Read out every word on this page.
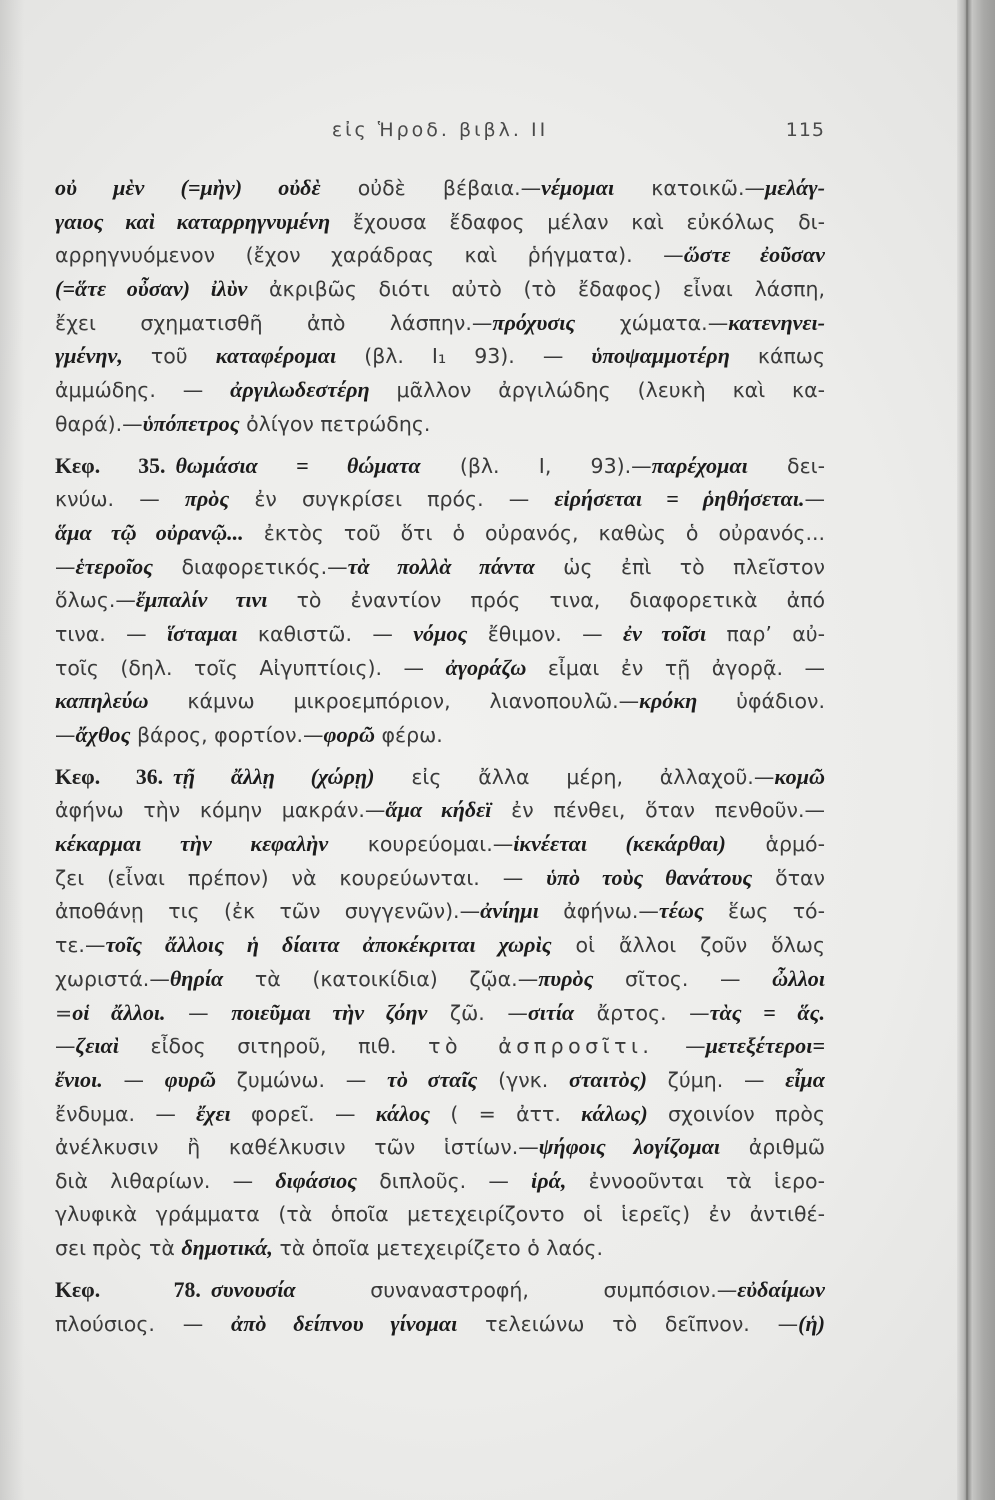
εἰς Ἡροδ. βιβλ. II	115
οὐ μὲν (=μὴν) οὐδὲ οὐδὲ βέβαια.—νέμομαι κατοικῶ.—μελάγ-
γαιος καὶ καταρρηγνυμένη ἔχουσα ἔδαφος μέλαν καὶ εὐκόλως δι-
αρρηγνυόμενον (ἔχον χαράδρας καὶ ῥήγματα). —ὥστε ἐοῦσαν
(=ἅτε οὖσαν) ἰλὺν ἀκριβῶς διότι αὐτὸ (τὸ ἔδαφος) εἶναι λάσπη,
ἔχει σχηματισθῆ ἀπὸ λάσπην.—πρόχυσις χώματα.—κατενηνει-
γμένην, τοῦ καταφέρομαι (βλ. I₁ 93). — ὑποψαμμοτέρη κάπως
ἀμμώδης. — ἀργιλωδεστέρη μᾶλλον ἀργιλώδης (λευκὴ καὶ κα-
θαρά).—ὑπόπετρος ὀλίγον πετρώδης.
Κεφ. 35. θωμάσια = θώματα (βλ. I, 93).—παρέχομαι δει-
κνύω. — πρὸς ἐν συγκρίσει πρός. — εἰρήσεται = ῥηθήσεται.—
ἅμα τῷ οὐρανῷ... ἐκτὸς τοῦ ὅτι ὁ οὐρανός, καθὼς ὁ οὐρανός...
—ἑτεροῖος διαφορετικός.—τὰ πολλὰ πάντα ὡς ἐπὶ τὸ πλεῖστον
ὅλως.—ἔμπαλίν τινι τὸ ἐναντίον πρός τινα, διαφορετικὰ ἀπό
τινα. — ἵσταμαι καθιστῶ. — νόμος ἔθιμον. — ἐν τοῖσι παρ’ αὐ-
τοῖς (δηλ. τοῖς Αἰγυπτίοις). — ἀγοράζω εἶμαι ἐν τῇ ἀγορᾷ. —
καπηλεύω κάμνω μικροεμπόριον, λιανοπουλῶ.—κρόκη ὑφάδιον.
—ἄχθος βάρος, φορτίον.—φορῶ φέρω.
Κεφ. 36. τῇ ἄλλῃ (χώρῃ) εἰς ἄλλα μέρη, ἀλλαχοῦ.—κομῶ
ἀφήνω τὴν κόμην μακράν.—ἅμα κήδεϊ ἐν πένθει, ὅταν πενθοῦν.—
κέκαρμαι τὴν κεφαλὴν κουρεύομαι.—ἱκνέεται (κεκάρθαι) ἁρμό-
ζει (εἶναι πρέπον) νὰ κουρεύωνται. — ὑπὸ τοὺς θανάτους ὅταν
ἀποθάνῃ τις (ἐκ τῶν συγγενῶν).—ἀνίημι ἀφήνω.—τέως ἕως τό-
τε.—τοῖς ἄλλοις ἡ δίαιτα ἀποκέκριται χωρὶς οἱ ἄλλοι ζοῦν ὅλως
χωριστά.—θηρία τὰ (κατοικίδια) ζῷα.—πυρὸς σῖτος. — ὦλλοι
=οἱ ἄλλοι. — ποιεῦμαι τὴν ζόην ζῶ. —σιτία ἄρτος. —τὰς = ἅς.
—ζειαὶ εἶδος σιτηροῦ, πιθ. τὸ ἀσπροσῖτι. —μετεξέτεροι=
ἔνιοι. — φυρῶ ζυμώνω. — τὸ σταῖς (γνκ. σταιτὸς) ζύμη. — εἶμα
ἔνδυμα. — ἔχει φορεῖ. — κάλος ( = ἀττ. κάλως) σχοινίον πρὸς
ἀνέλκυσιν ἢ καθέλκυσιν τῶν ἱστίων.—ψήφοις λογίζομαι ἀριθμῶ
διὰ λιθαρίων. — διφάσιος διπλοῦς. — ἱρά, ἐννοοῦνται τὰ ἱερο-
γλυφικὰ γράμματα (τὰ ὁποῖα μετεχειρίζοντο οἱ ἱερεῖς) ἐν ἀντιθέ-
σει πρὸς τὰ δημοτικά, τὰ ὁποῖα μετεχειρίζετο ὁ λαός.
Κεφ. 78. συνουσία συναναστροφή, συμπόσιον.—εὐδαίμων
πλούσιος. — ἀπὸ δείπνου γίνομαι τελειώνω τὸ δεῖπνον. —(ἡ)
